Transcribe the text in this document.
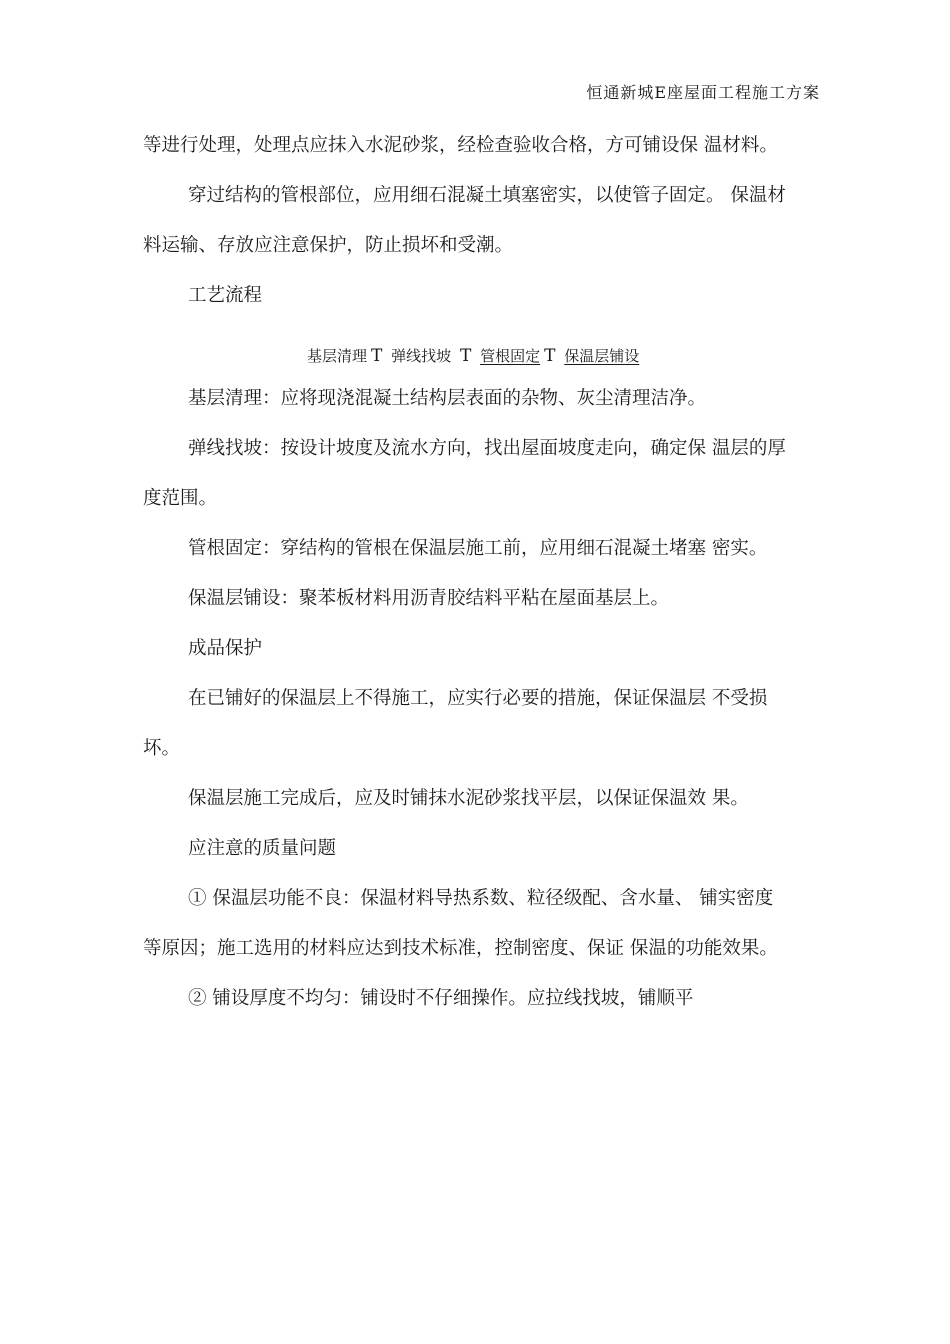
恒通新城E座屋面工程施工方案
等进行处理，处理点应抹入水泥砂浆，经检查验收合格，方可铺设保 温材料。
穿过结构的管根部位，应用细石混凝土填塞密实，以使管子固定。 保温材
料运输、存放应注意保护，防止损坏和受潮。
工艺流程
基层清理 T 弹线找坡 T 管根固定 T 保温层铺设
基层清理：应将现浇混凝土结构层表面的杂物、灰尘清理洁净。
弹线找坡：按设计坡度及流水方向，找出屋面坡度走向，确定保 温层的厚
度范围。
管根固定：穿结构的管根在保温层施工前，应用细石混凝土堵塞 密实。
保温层铺设：聚苯板材料用沥青胶结料平粘在屋面基层上。
成品保护
在已铺好的保温层上不得施工，应实行必要的措施，保证保温层 不受损
坏。
保温层施工完成后，应及时铺抹水泥砂浆找平层，以保证保温效 果。
应注意的质量问题
① 保温层功能不良：保温材料导热系数、粒径级配、含水量、 铺实密度
等原因；施工选用的材料应达到技术标准，控制密度、保证 保温的功能效果。
② 铺设厚度不均匀：铺设时不仔细操作。应拉线找坡，铺顺平
